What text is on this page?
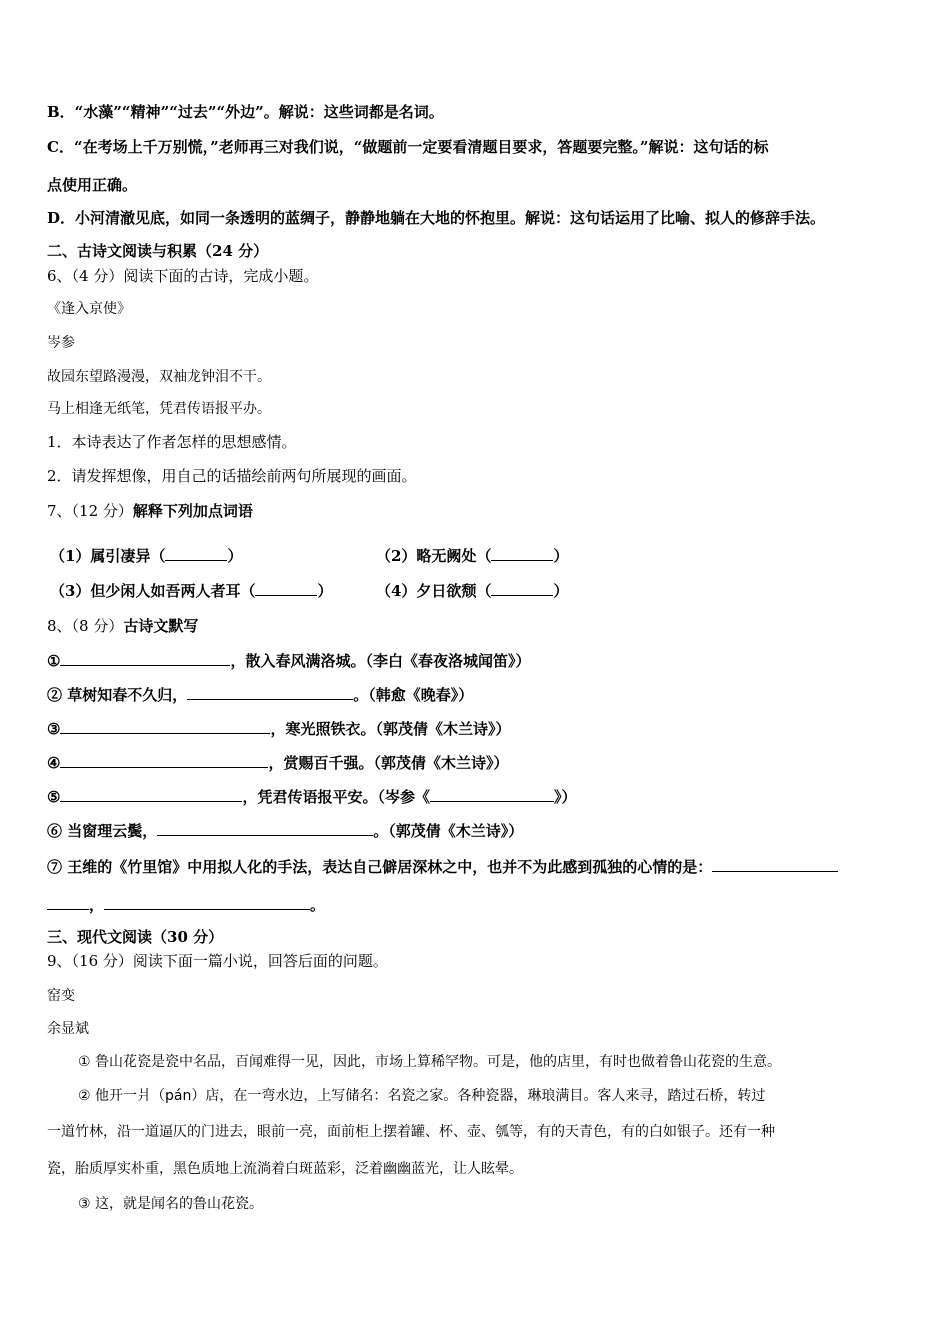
B．“水藻”“精神”“过去”“外边”。解说：这些词都是名词。

C．“在考场上千万别慌，”老师再三对我们说，“做题前一定要看清题目要求，答题要完整。”解说：这句话的标

点使用正确。

D．小河清澈见底，如同一条透明的蓝绸子，静静地躺在大地的怀抱里。解说：这句话运用了比喻、拟人的修辞手法。

二、古诗文阅读与积累（24 分）

6、（4 分）阅读下面的古诗，完成小题。

《逢入京使》

岑参

故园东望路漫漫，双袖龙钟泪不干。

马上相逢无纸笔，凭君传语报平办。

1．本诗表达了作者怎样的思想感情。

2．请发挥想像，用自己的话描绘前两句所展现的画面。

7、（12 分）解释下列加点词语

（1）属引凄异（	）	（2）略无阙处（	）
（3）但少闲人如吾两人者耳（	）	（4）夕日欲颓（	）

8、（8 分）古诗文默写

①	，散入春风满洛城。（李白《春夜洛城闻笛》）

② 草树知春不久归，	。（韩愈《晚春》）

③	，寒光照铁衣。（郭茂倩《木兰诗》）

④	，赏赐百千强。（郭茂倩《木兰诗》）

⑤	，凭君传语报平安。（岑参《	》）

⑥ 当窗理云鬓，	。（郭茂倩《木兰诗》）

⑦ 王维的《竹里馆》中用拟人化的手法，表达自己僻居深林之中，也并不为此感到孤独的心情的是：

，	。

三、现代文阅读（30 分）

9、（16 分）阅读下面一篇小说，回答后面的问题。

窑变

余显斌

① 鲁山花瓷是瓷中名品，百闻难得一见，因此，市场上算稀罕物。可是，他的店里，有时也做着鲁山花瓷的生意。

② 他开一爿（pán）店，在一弯水边，上写储名：名瓷之家。各种瓷器，琳琅满目。客人来寻，踏过石桥，转过

一道竹林，沿一道逼仄的门进去，眼前一亮，面前柜上摆着罐、杯、壶、瓠等，有的天青色，有的白如银子。还有一种

瓷，胎质厚实朴重，黑色质地上流淌着白斑蓝彩，泛着幽幽蓝光，让人眩晕。

③ 这，就是闻名的鲁山花瓷。
